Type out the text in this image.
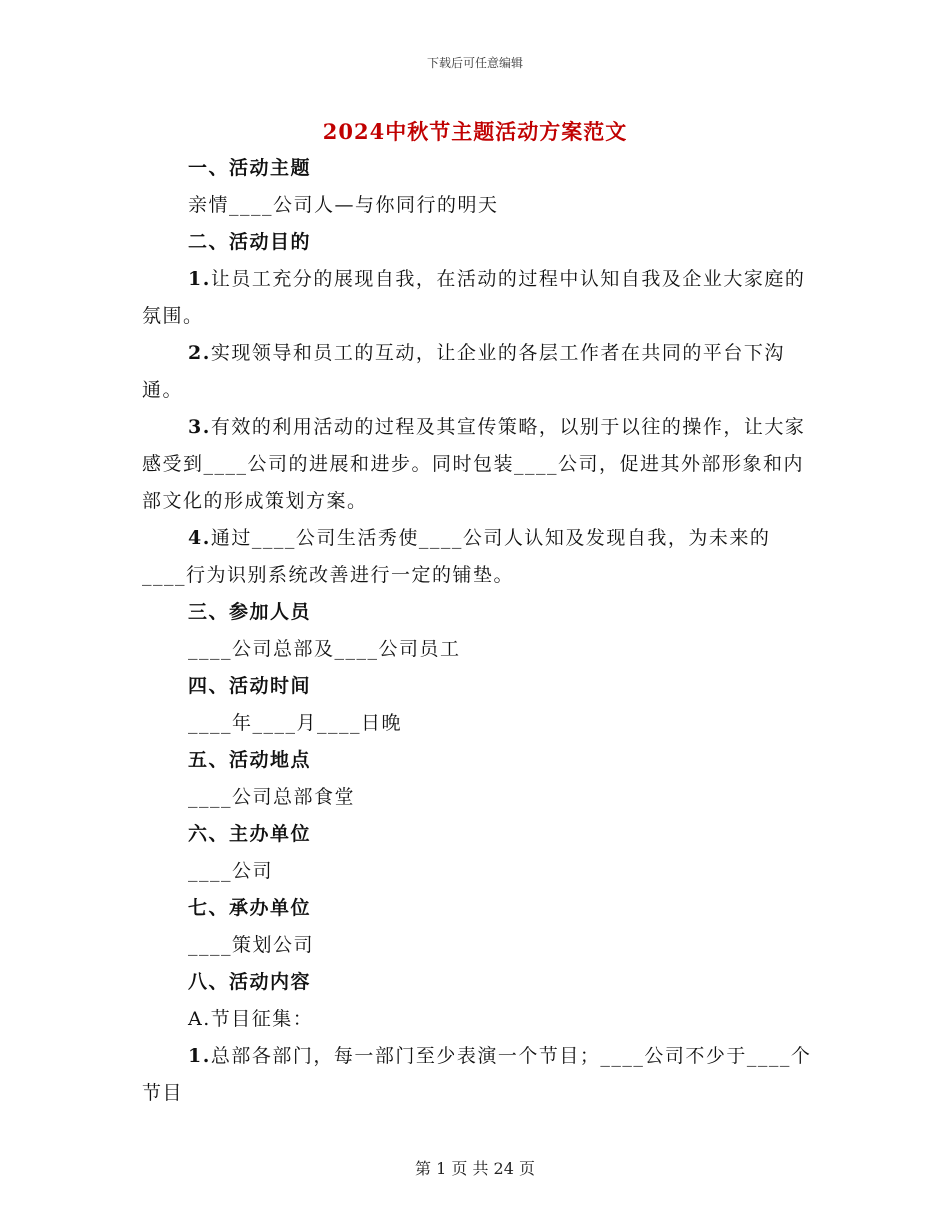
下载后可任意编辑
2024中秋节主题活动方案范文

一、活动主题

亲情____公司人—与你同行的明天

二、活动目的

1.让员工充分的展现自我，在活动的过程中认知自我及企业大家庭的氛围。

2.实现领导和员工的互动，让企业的各层工作者在共同的平台下沟通。

3.有效的利用活动的过程及其宣传策略，以别于以往的操作，让大家感受到____公司的进展和进步。同时包装____公司，促进其外部形象和内部文化的形成策划方案。

4.通过____公司生活秀使____公司人认知及发现自我，为未来的____行为识别系统改善进行一定的铺垫。

三、参加人员

____公司总部及____公司员工

四、活动时间

____年____月____日晚

五、活动地点

____公司总部食堂

六、主办单位

____公司

七、承办单位

____策划公司

八、活动内容

A.节目征集：

1.总部各部门，每一部门至少表演一个节目；____公司不少于____个节目

第 1 页 共 24 页
